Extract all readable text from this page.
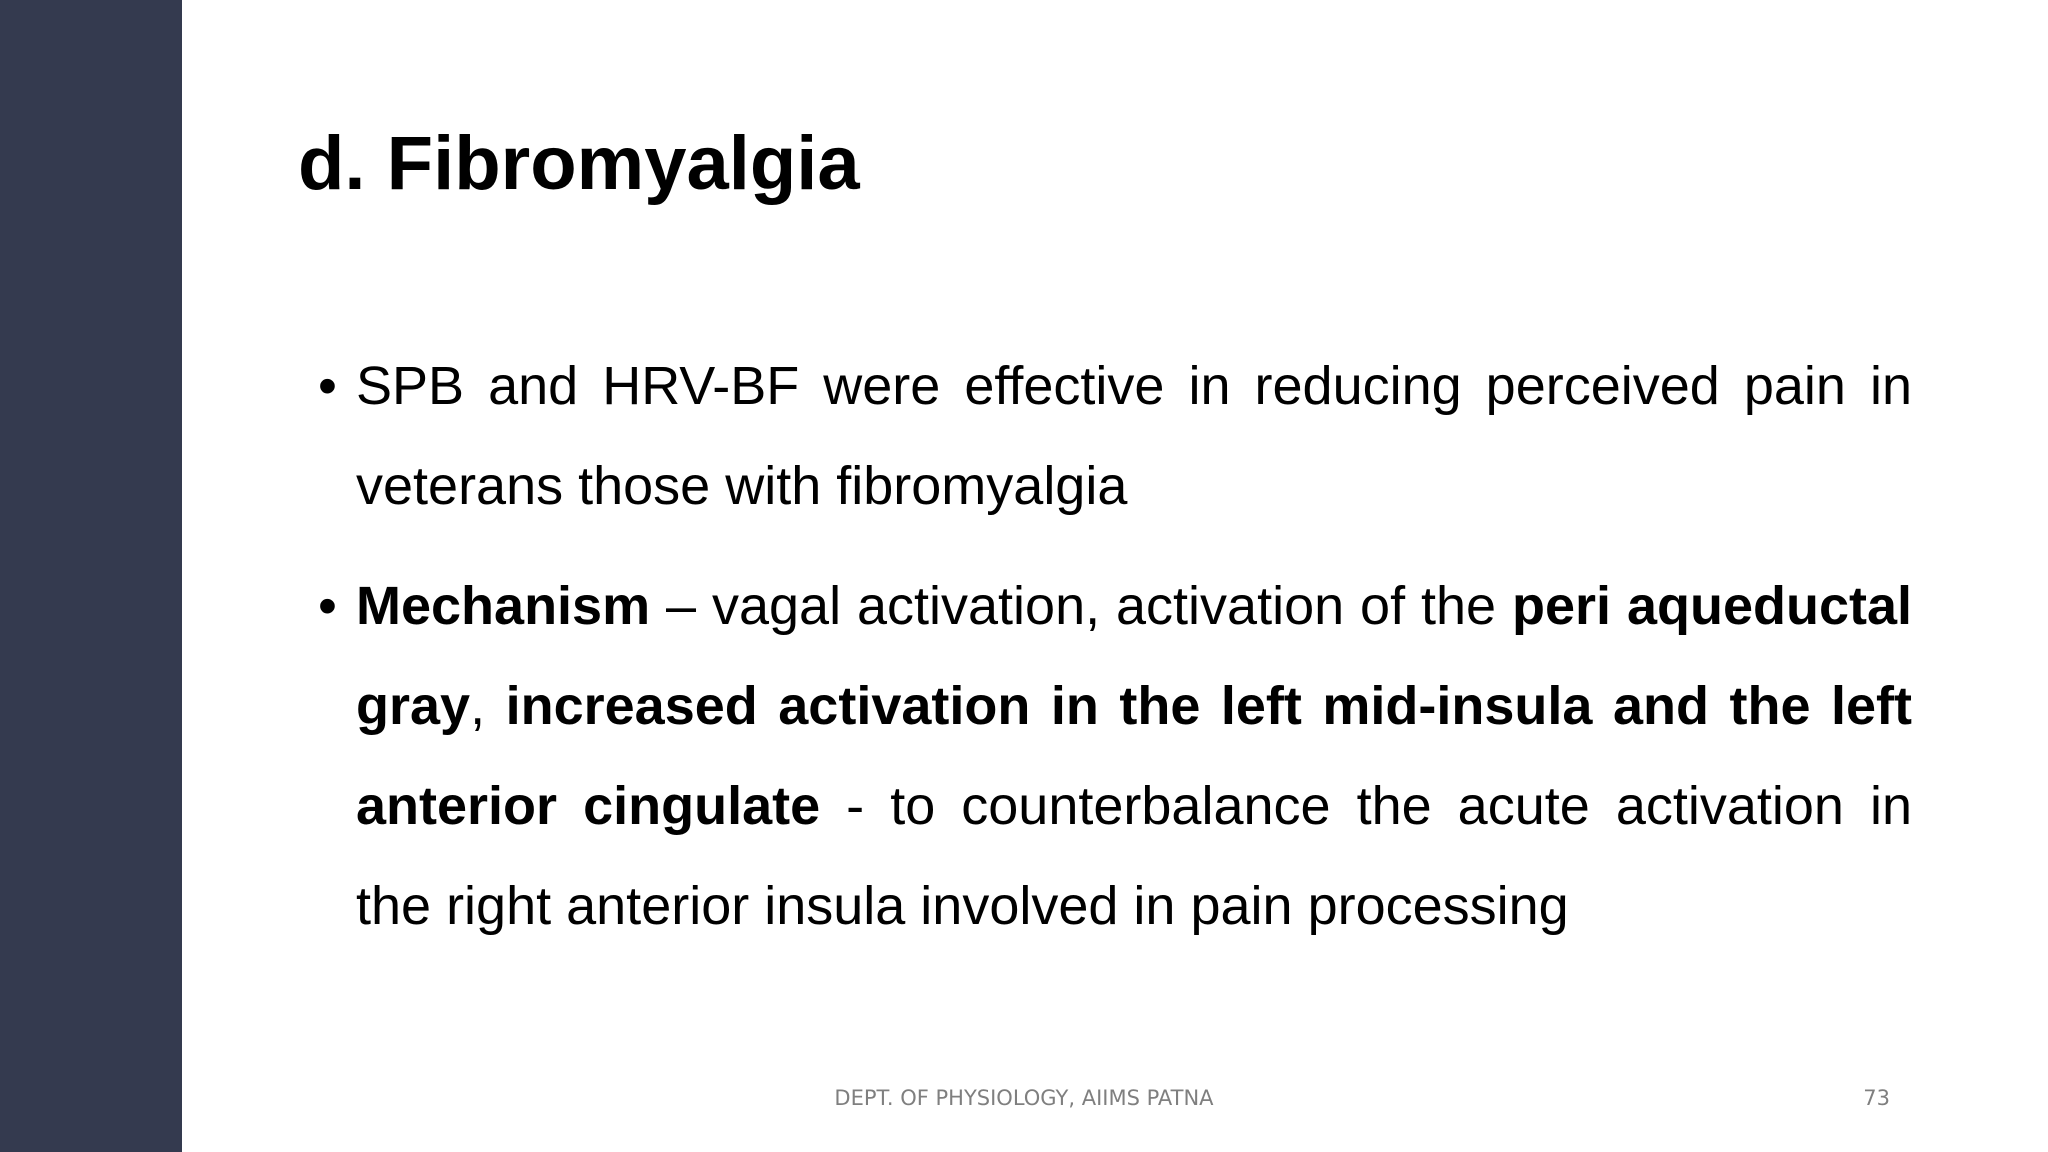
d. Fibromyalgia
• SPB and HRV-BF were effective in reducing perceived pain in veterans those with fibromyalgia
• Mechanism – vagal activation, activation of the peri aqueductal gray, increased activation in the left mid-insula and the left anterior cingulate - to counterbalance the acute activation in the right anterior insula involved in pain processing
DEPT. OF PHYSIOLOGY, AIIMS PATNA	73
